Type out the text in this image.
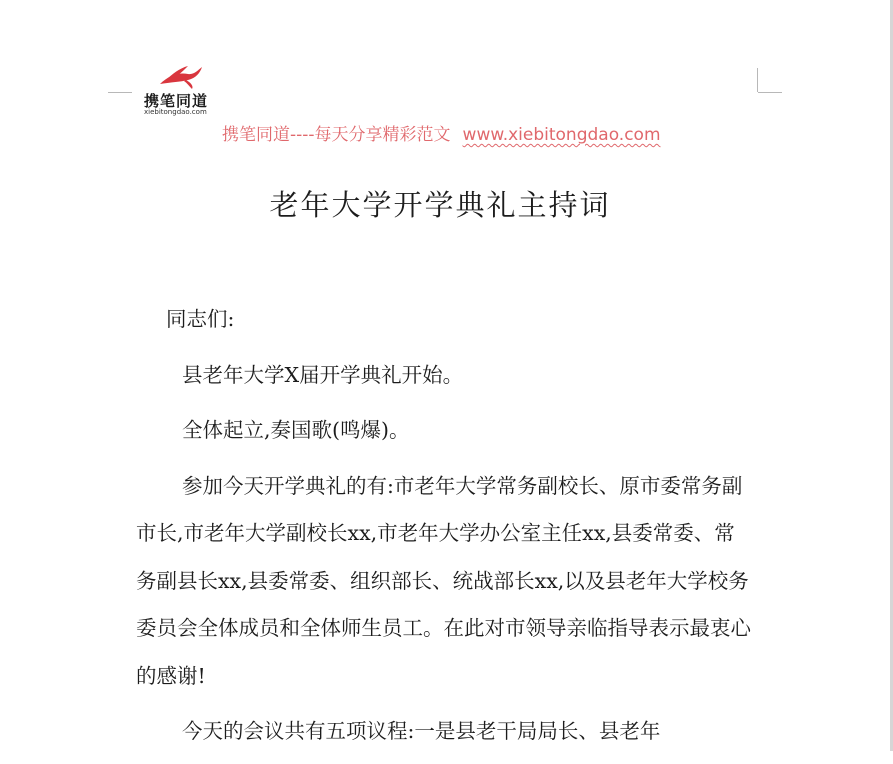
携笔同道
xiebitongdao.com
携笔同道----每天分享精彩范文 www.xiebitongdao.com
老年大学开学典礼主持词

同志们:

县老年大学X届开学典礼开始。

全体起立,奏国歌(鸣爆)。

参加今天开学典礼的有:市老年大学常务副校长、原市委常务副市长,市老年大学副校长xx,市老年大学办公室主任xx,县委常委、常务副县长xx,县委常委、组织部长、统战部长xx,以及县老年大学校务委员会全体成员和全体师生员工。在此对市领导亲临指导表示最衷心的感谢!

今天的会议共有五项议程:一是县老干局局长、县老年
